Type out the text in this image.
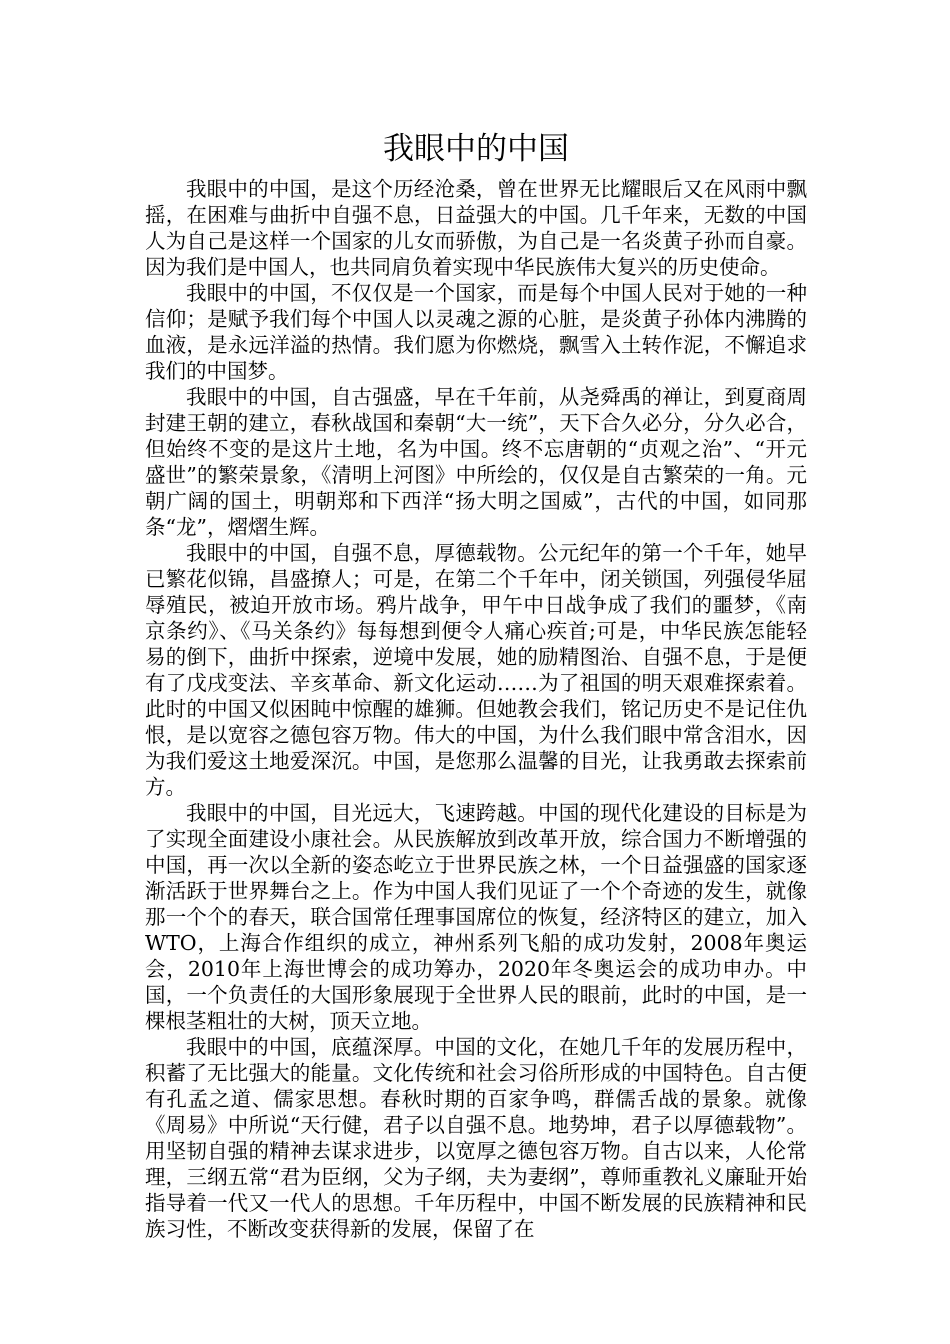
我眼中的中国

我眼中的中国，是这个历经沧桑，曾在世界无比耀眼后又在风雨中飘摇，在困难与曲折中自强不息，日益强大的中国。几千年来，无数的中国人为自己是这样一个国家的儿女而骄傲，为自己是一名炎黄子孙而自豪。因为我们是中国人，也共同肩负着实现中华民族伟大复兴的历史使命。

我眼中的中国，不仅仅是一个国家，而是每个中国人民对于她的一种信仰；是赋予我们每个中国人以灵魂之源的心脏，是炎黄子孙体内沸腾的血液，是永远洋溢的热情。我们愿为你燃烧，飘雪入土转作泥，不懈追求我们的中国梦。

我眼中的中国，自古强盛，早在千年前，从尧舜禹的禅让，到夏商周封建王朝的建立，春秋战国和秦朝“大一统”，天下合久必分，分久必合，但始终不变的是这片土地，名为中国。终不忘唐朝的“贞观之治”、“开元盛世”的繁荣景象，《清明上河图》中所绘的，仅仅是自古繁荣的一角。元朝广阔的国土，明朝郑和下西洋“扬大明之国威”，古代的中国，如同那条“龙”，熠熠生辉。

我眼中的中国，自强不息，厚德载物。公元纪年的第一个千年，她早已繁花似锦，昌盛撩人；可是，在第二个千年中，闭关锁国，列强侵华屈辱殖民，被迫开放市场。鸦片战争，甲午中日战争成了我们的噩梦，《南京条约》、《马关条约》每每想到便令人痛心疾首;可是，中华民族怎能轻易的倒下，曲折中探索，逆境中发展，她的励精图治、自强不息，于是便有了戊戌变法、辛亥革命、新文化运动……为了祖国的明天艰难探索着。此时的中国又似困盹中惊醒的雄狮。但她教会我们，铭记历史不是记住仇恨，是以宽容之德包容万物。伟大的中国，为什么我们眼中常含泪水，因为我们爱这土地爱深沉。中国，是您那么温馨的目光，让我勇敢去探索前方。

我眼中的中国，目光远大，飞速跨越。中国的现代化建设的目标是为了实现全面建设小康社会。从民族解放到改革开放，综合国力不断增强的中国，再一次以全新的姿态屹立于世界民族之林，一个日益强盛的国家逐渐活跃于世界舞台之上。作为中国人我们见证了一个个奇迹的发生，就像那一个个的春天，联合国常任理事国席位的恢复，经济特区的建立，加入WTO，上海合作组织的成立，神州系列飞船的成功发射，2008年奥运会，2010年上海世博会的成功筹办，2020年冬奥运会的成功申办。中国，一个负责任的大国形象展现于全世界人民的眼前，此时的中国，是一棵根茎粗壮的大树，顶天立地。

我眼中的中国，底蕴深厚。中国的文化，在她几千年的发展历程中，积蓄了无比强大的能量。文化传统和社会习俗所形成的中国特色。自古便有孔孟之道、儒家思想。春秋时期的百家争鸣，群儒舌战的景象。就像《周易》中所说“天行健，君子以自强不息。地势坤，君子以厚德载物”。用坚韧自强的精神去谋求进步，以宽厚之德包容万物。自古以来，人伦常理，三纲五常“君为臣纲，父为子纲，夫为妻纲”，尊师重教礼义廉耻开始指导着一代又一代人的思想。千年历程中，中国不断发展的民族精神和民族习性，不断改变获得新的发展，保留了在
